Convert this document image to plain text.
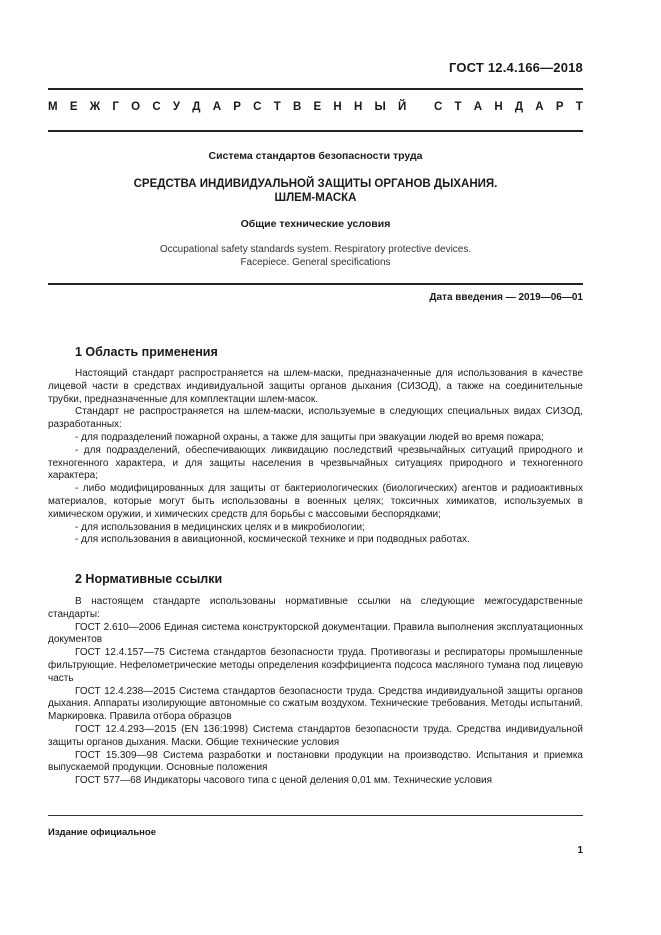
ГОСТ 12.4.166—2018
М Е Ж Г О С У Д А Р С Т В Е Н Н Ы Й
С Т А Н Д А Р Т
Система стандартов безопасности труда
СРЕДСТВА ИНДИВИДУАЛЬНОЙ ЗАЩИТЫ ОРГАНОВ ДЫХАНИЯ.
ШЛЕМ-МАСКА
Общие технические условия
Occupational safety standards system. Respiratory protective devices.
Facepiece. General specifications
Дата введения — 2019—06—01
1 Область применения

Настоящий стандарт распространяется на шлем-маски, предназначенные для использования в качестве лицевой части в средствах индивидуальной защиты органов дыхания (СИЗОД), а также на соединительные трубки, предназначенные для комплектации шлем-масок.

Стандарт не распространяется на шлем-маски, используемые в следующих специальных видах СИЗОД, разработанных:

- для подразделений пожарной охраны, а также для защиты при эвакуации людей во время пожара;

- для подразделений, обеспечивающих ликвидацию последствий чрезвычайных ситуаций природного и техногенного характера, и для защиты населения в чрезвычайных ситуациях природного и техногенного характера;

- либо модифицированных для защиты от бактериологических (биологических) агентов и радиоактивных материалов, которые могут быть использованы в военных целях; токсичных химикатов, используемых в химическом оружии, и химических средств для борьбы с массовыми беспорядками;

- для использования в медицинских целях и в микробиологии;

- для использования в авиационной, космической технике и при подводных работах.

2 Нормативные ссылки

В настоящем стандарте использованы нормативные ссылки на следующие межгосударственные стандарты:

ГОСТ 2.610—2006 Единая система конструкторской документации. Правила выполнения эксплуатационных документов

ГОСТ 12.4.157—75 Система стандартов безопасности труда. Противогазы и респираторы промышленные фильтрующие. Нефелометрические методы определения коэффициента подсоса масляного тумана под лицевую часть

ГОСТ 12.4.238—2015 Система стандартов безопасности труда. Средства индивидуальной защиты органов дыхания. Аппараты изолирующие автономные со сжатым воздухом. Технические требования. Методы испытаний. Маркировка. Правила отбора образцов

ГОСТ 12.4.293—2015 (EN 136:1998) Система стандартов безопасности труда. Средства индивидуальной защиты органов дыхания. Маски. Общие технические условия

ГОСТ 15.309—98 Система разработки и постановки продукции на производство. Испытания и приемка выпускаемой продукции. Основные положения

ГОСТ 577—68 Индикаторы часового типа с ценой деления 0,01 мм. Технические условия

Издание официальное
1
